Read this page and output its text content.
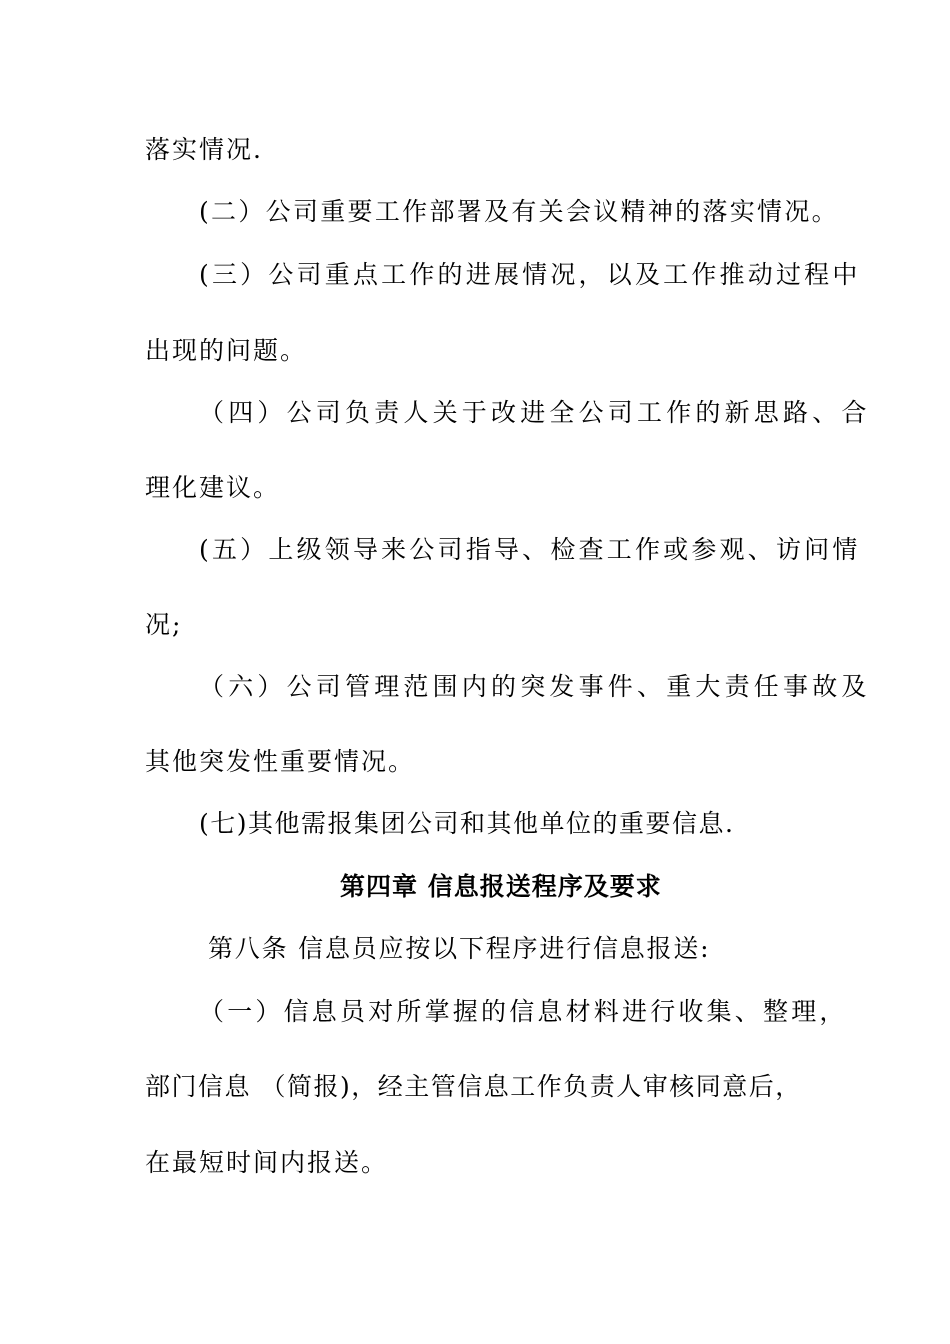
落实情况.

(二）公司重要工作部署及有关会议精神的落实情况。

(三）公司重点工作的进展情况，以及工作推动过程中

出现的问题。

（四）公司负责人关于改进全公司工作的新思路、合

理化建议。

(五）上级领导来公司指导、检查工作或参观、访问情

况;

（六）公司管理范围内的突发事件、重大责任事故及

其他突发性重要情况。

(七)其他需报集团公司和其他单位的重要信息.

第四章 信息报送程序及要求

第八条 信息员应按以下程序进行信息报送:

（一）信息员对所掌握的信息材料进行收集、整理，

部门信息 （简报)，经主管信息工作负责人审核同意后，

在最短时间内报送。
